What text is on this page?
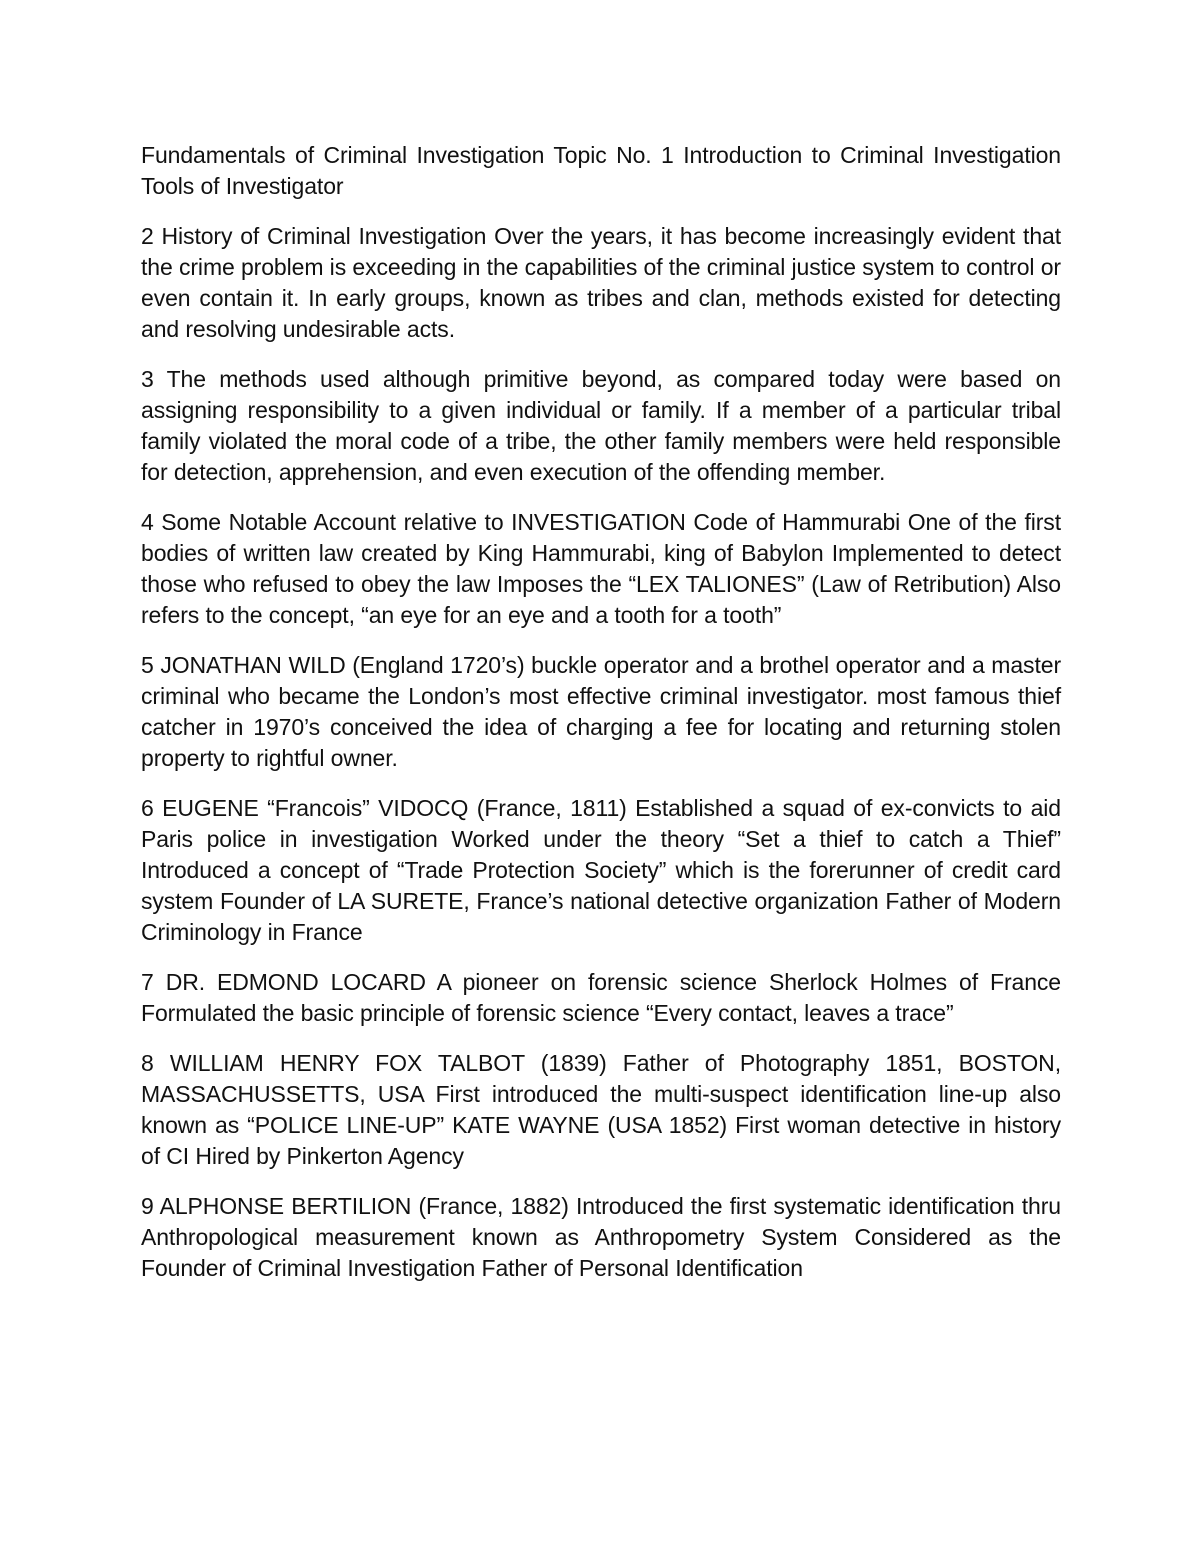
Fundamentals of Criminal Investigation Topic No. 1 Introduction to Criminal Investigation Tools of Investigator

2 History of Criminal Investigation Over the years, it has become increasingly evident that the crime problem is exceeding in the capabilities of the criminal justice system to control or even contain it. In early groups, known as tribes and clan, methods existed for detecting and resolving undesirable acts.

3 The methods used although primitive beyond, as compared today were based on assigning responsibility to a given individual or family. If a member of a particular tribal family violated the moral code of a tribe, the other family members were held responsible for detection, apprehension, and even execution of the offending member.

4 Some Notable Account relative to INVESTIGATION Code of Hammurabi One of the first bodies of written law created by King Hammurabi, king of Babylon Implemented to detect those who refused to obey the law Imposes the “LEX TALIONES” (Law of Retribution) Also refers to the concept, “an eye for an eye and a tooth for a tooth”

5 JONATHAN WILD (England 1720’s) buckle operator and a brothel operator and a master criminal who became the London’s most effective criminal investigator. most famous thief catcher in 1970’s conceived the idea of charging a fee for locating and returning stolen property to rightful owner.

6 EUGENE “Francois” VIDOCQ (France, 1811) Established a squad of ex-convicts to aid Paris police in investigation Worked under the theory “Set a thief to catch a Thief” Introduced a concept of “Trade Protection Society” which is the forerunner of credit card system Founder of LA SURETE, France’s national detective organization Father of Modern Criminology in France

7 DR. EDMOND LOCARD A pioneer on forensic science Sherlock Holmes of France Formulated the basic principle of forensic science “Every contact, leaves a trace”

8 WILLIAM HENRY FOX TALBOT (1839) Father of Photography 1851, BOSTON, MASSACHUSSETTS, USA First introduced the multi-suspect identification line-up also known as “POLICE LINE-UP” KATE WAYNE (USA 1852) First woman detective in history of CI Hired by Pinkerton Agency

9 ALPHONSE BERTILION (France, 1882) Introduced the first systematic identification thru Anthropological measurement known as Anthropometry System Considered as the Founder of Criminal Investigation Father of Personal Identification
